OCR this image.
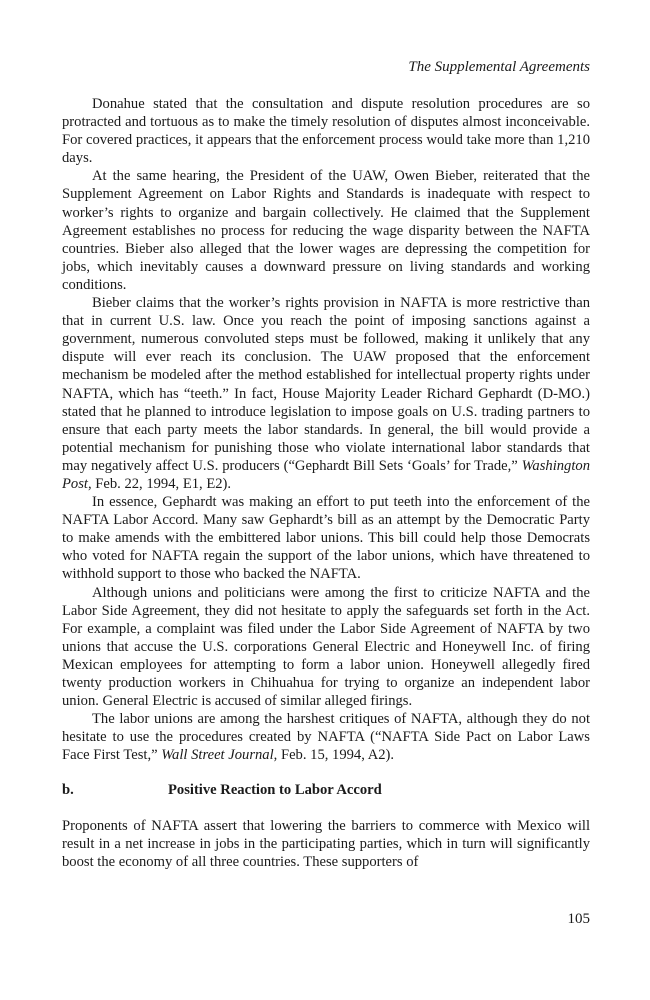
The Supplemental Agreements

Donahue stated that the consultation and dispute resolution procedures are so protracted and tortuous as to make the timely resolution of disputes almost inconceivable. For covered practices, it appears that the enforcement process would take more than 1,210 days.

At the same hearing, the President of the UAW, Owen Bieber, reiterated that the Supplement Agreement on Labor Rights and Standards is inadequate with respect to worker’s rights to organize and bargain collectively. He claimed that the Supplement Agreement establishes no process for reducing the wage disparity between the NAFTA countries. Bieber also alleged that the lower wages are depressing the competition for jobs, which inevitably causes a downward pressure on living standards and working conditions.

Bieber claims that the worker’s rights provision in NAFTA is more restrictive than that in current U.S. law. Once you reach the point of imposing sanctions against a government, numerous convoluted steps must be followed, making it unlikely that any dispute will ever reach its conclusion. The UAW proposed that the enforcement mechanism be modeled after the method established for intellectual property rights under NAFTA, which has “teeth.” In fact, House Majority Leader Richard Gephardt (D-MO.) stated that he planned to introduce legislation to impose goals on U.S. trading partners to ensure that each party meets the labor standards. In general, the bill would provide a potential mechanism for punishing those who violate international labor standards that may negatively affect U.S. producers (“Gephardt Bill Sets ‘Goals’ for Trade,” Washington Post, Feb. 22, 1994, E1, E2).

In essence, Gephardt was making an effort to put teeth into the enforcement of the NAFTA Labor Accord. Many saw Gephardt’s bill as an attempt by the Democratic Party to make amends with the embittered labor unions. This bill could help those Democrats who voted for NAFTA regain the support of the labor unions, which have threatened to withhold support to those who backed the NAFTA.

Although unions and politicians were among the first to criticize NAFTA and the Labor Side Agreement, they did not hesitate to apply the safeguards set forth in the Act. For example, a complaint was filed under the Labor Side Agreement of NAFTA by two unions that accuse the U.S. corporations General Electric and Honeywell Inc. of firing Mexican employees for attempting to form a labor union. Honeywell allegedly fired twenty production workers in Chihuahua for trying to organize an independent labor union. General Electric is accused of similar alleged firings.

The labor unions are among the harshest critiques of NAFTA, although they do not hesitate to use the procedures created by NAFTA (“NAFTA Side Pact on Labor Laws Face First Test,” Wall Street Journal, Feb. 15, 1994, A2).

b.	Positive Reaction to Labor Accord

Proponents of NAFTA assert that lowering the barriers to commerce with Mexico will result in a net increase in jobs in the participating parties, which in turn will significantly boost the economy of all three countries. These supporters of

105
